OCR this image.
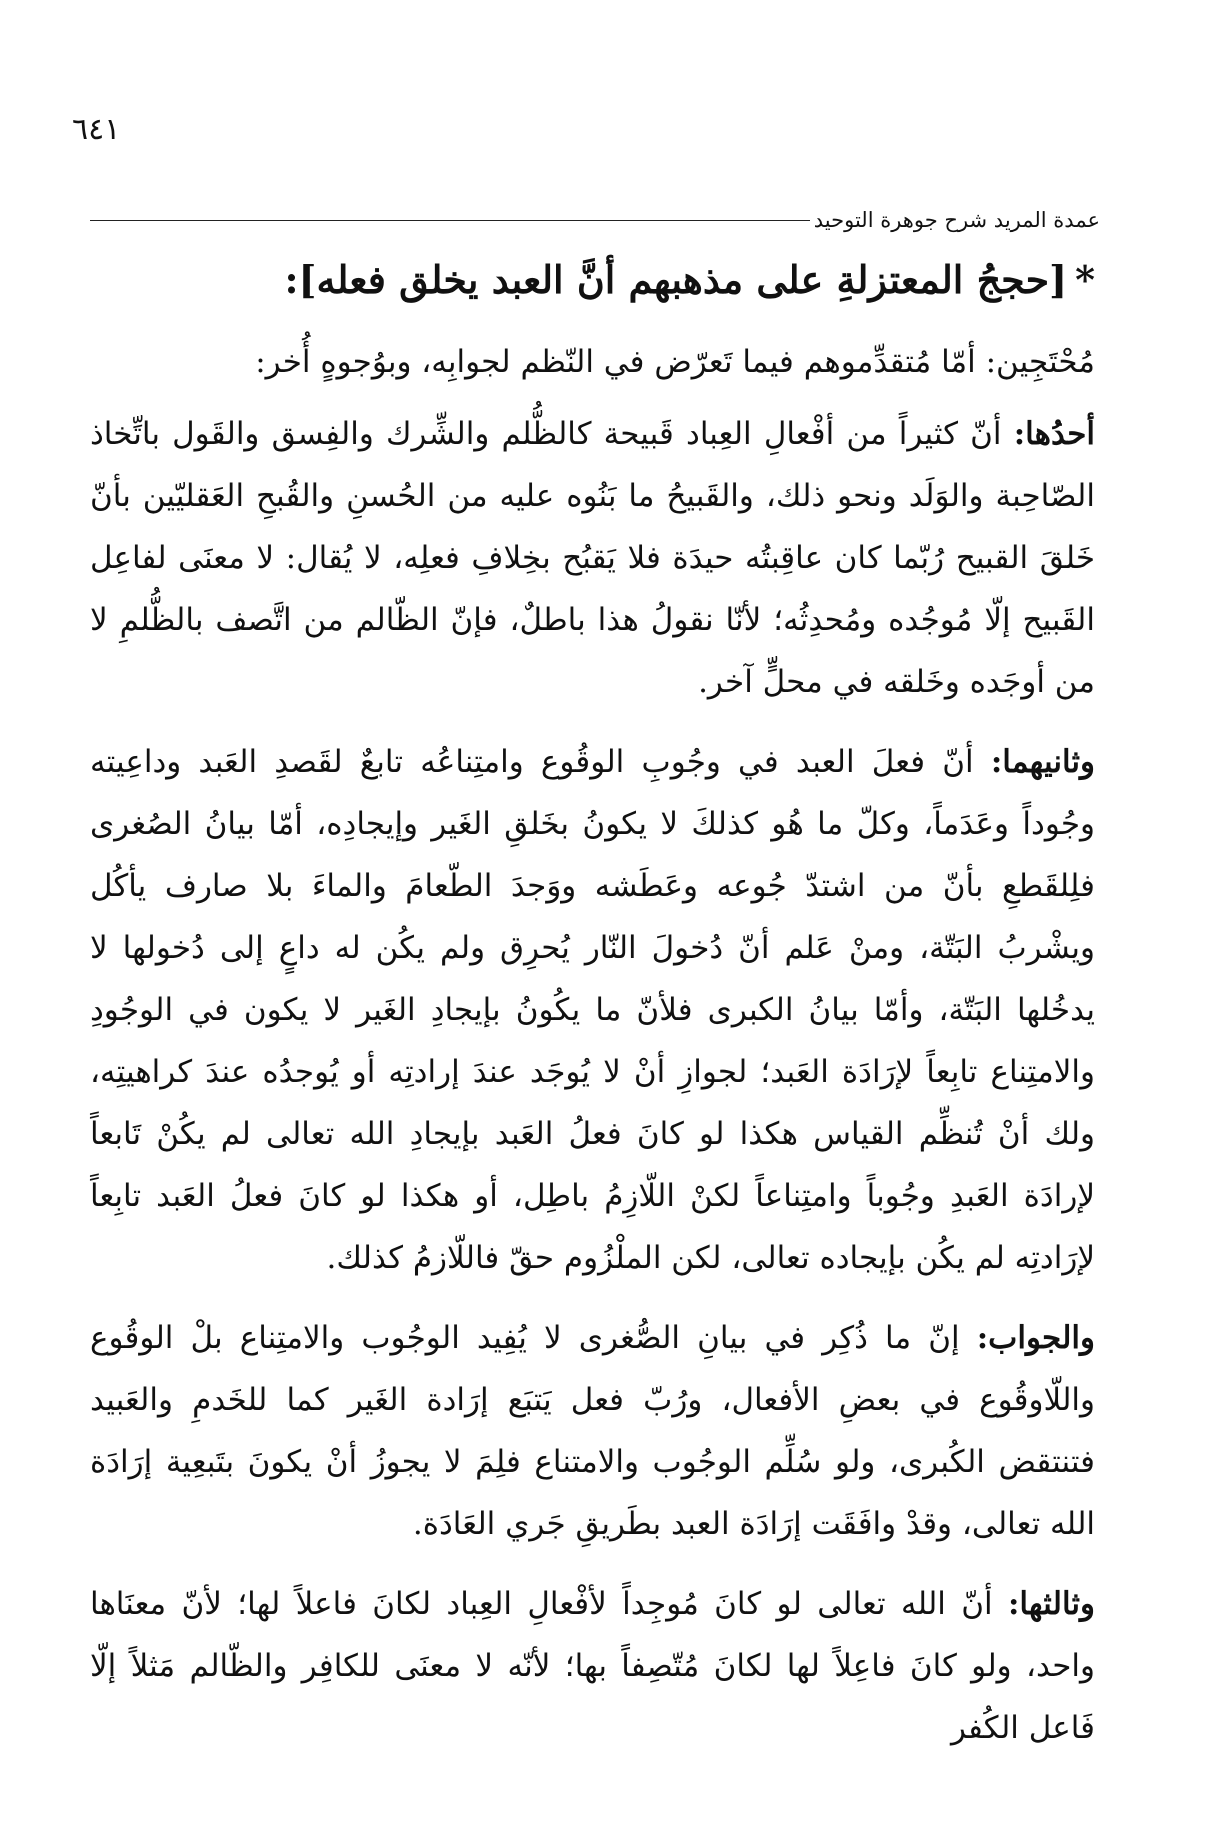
٦٤١
عمدة المريد شرح جوهرة التوحيد
*[حججُ المعتزلةِ على مذهبهم أنَّ العبد يخلق فعله]:

مُحْتَجِين: أمّا مُتقدِّموهم فيما تَعرّض في النّظم لجوابِه، وبوُجوهٍ أُخر:

أحدُها: أنّ كثيراً من أفْعالِ العِباد قَبيحة كالظُّلم والشِّرك والفِسق والقَول باتِّخاذ الصّاحِبة والوَلَد ونحو ذلك، والقَبيحُ ما بَنُوه عليه من الحُسنِ والقُبحِ العَقليّين بأنّ خَلقَ القبيح رُبّما كان عاقِبتُه حيدَة فلا يَقبُح بخِلافِ فعلِه، لا يُقال: لا معنَى لفاعِل القَبيح إلّا مُوجُده ومُحدِثُه؛ لأنّا نقولُ هذا باطلٌ، فإنّ الظّالم من اتَّصف بالظُّلمِ لا من أوجَده وخَلقه في محلٍّ آخر.

وثانيهما: أنّ فعلَ العبد في وجُوبِ الوقُوع وامتِناعُه تابعٌ لقَصدِ العَبد وداعِيته وجُوداً وعَدَماً، وكلّ ما هُو كذلكَ لا يكونُ بخَلقِ الغَير وإيجادِه، أمّا بيانُ الصُغرى فلِلقَطعِ بأنّ من اشتدّ جُوعه وعَطَشه ووَجدَ الطّعامَ والماءَ بلا صارف يأكُل ويشْربُ البَتّة، ومنْ عَلم أنّ دُخولَ النّار يُحرِق ولم يكُن له داعٍ إلى دُخولها لا يدخُلها البَتّة، وأمّا بيانُ الكبرى فلأنّ ما يكُونُ بإيجادِ الغَير لا يكون في الوجُودِ والامتِناع تابِعاً لإرَادَة العَبد؛ لجوازِ أنْ لا يُوجَد عندَ إرادتِه أو يُوجدُه عندَ كراهيتِه، ولك أنْ تُنظِّم القياس هكذا لو كانَ فعلُ العَبد بإيجادِ الله تعالى لم يكُنْ تَابعاً لإرادَة العَبدِ وجُوباً وامتِناعاً لكنْ اللّازِمُ باطِل، أو هكذا لو كانَ فعلُ العَبد تابِعاً لإرَادتِه لم يكُن بإيجاده تعالى، لكن الملْزُوم حقّ فاللّازمُ كذلك.

والجواب: إنّ ما ذُكِر في بيانِ الصُّغرى لا يُفِيد الوجُوب والامتِناع بلْ الوقُوع واللّاوقُوع في بعضِ الأفعال، ورُبّ فعل يَتبَع إرَادة الغَير كما للخَدمِ والعَبيد فتنتقض الكُبرى، ولو سُلِّم الوجُوب والامتناع فلِمَ لا يجوزُ أنْ يكونَ بتَبعِية إرَادَة الله تعالى، وقدْ وافَقَت إرَادَة العبد بطَريقِ جَري العَادَة.

وثالثها: أنّ الله تعالى لو كانَ مُوجِداً لأفْعالِ العِباد لكانَ فاعلاً لها؛ لأنّ معنَاها واحد، ولو كانَ فاعِلاً لها لكانَ مُتّصِفاً بها؛ لأنّه لا معنَى للكافِر والظّالم مَثلاً إلّا فَاعل الكُفر
